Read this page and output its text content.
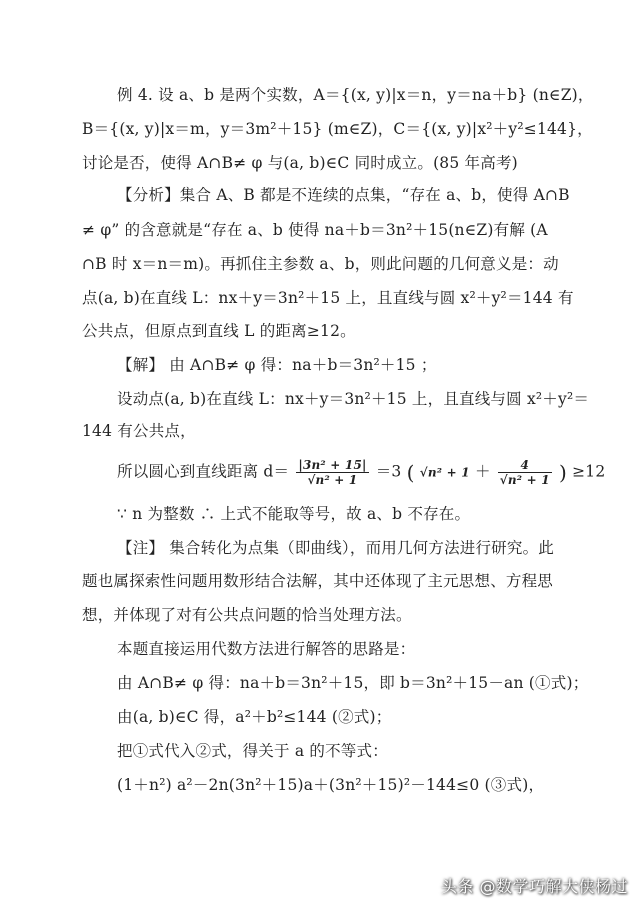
例 4. 设 a、b 是两个实数，A＝{(x, y)|x＝n，y＝na＋b} (n∈Z)，
B＝{(x, y)|x＝m，y＝3m²＋15} (m∈Z)，C＝{(x, y)|x²＋y²≤144}，
讨论是否，使得 A∩B≠ φ 与(a, b)∈C 同时成立。(85 年高考)
【分析】集合 A、B 都是不连续的点集，“存在 a、b，使得 A∩B
≠ φ” 的含意就是“存在 a、b 使得 na＋b＝3n²＋15(n∈Z)有解 (A
∩B 时 x＝n＝m)。再抓住主参数 a、b，则此问题的几何意义是：动
点(a, b)在直线 L：nx＋y＝3n²＋15 上，且直线与圆 x²＋y²＝144 有
公共点，但原点到直线 L 的距离≥12。
【解】 由 A∩B≠ φ 得：na＋b＝3n²＋15 ；
设动点(a, b)在直线 L：nx＋y＝3n²＋15 上，且直线与圆 x²＋y²＝
144 有公共点，
所以圆心到直线距离 $d= \frac{\text{|3n² + 15|}}{\text{√n² + 1}} =3$ ( $√n^2 + 1 + \frac{4}{\text{√n² + 1}}$ ) ≥12
∵ n 为整数 ∴ 上式不能取等号，故 a、b 不存在。
【注】 集合转化为点集（即曲线），而用几何方法进行研究。此
题也属探索性问题用数形结合法解，其中还体现了主元思想、方程思
想，并体现了对有公共点问题的恰当处理方法。
本题直接运用代数方法进行解答的思路是：
由 A∩B≠ φ 得：na＋b＝3n²＋15，即 b＝3n²＋15－an (①式)；
由(a, b)∈C 得，a²＋b²≤144 (②式)；
把①式代入②式，得关于 a 的不等式：
(1＋n²) a²－2n(3n²＋15)a＋(3n²＋15)²－144≤0 (③式)，
头条 @数学巧解大侠杨过
